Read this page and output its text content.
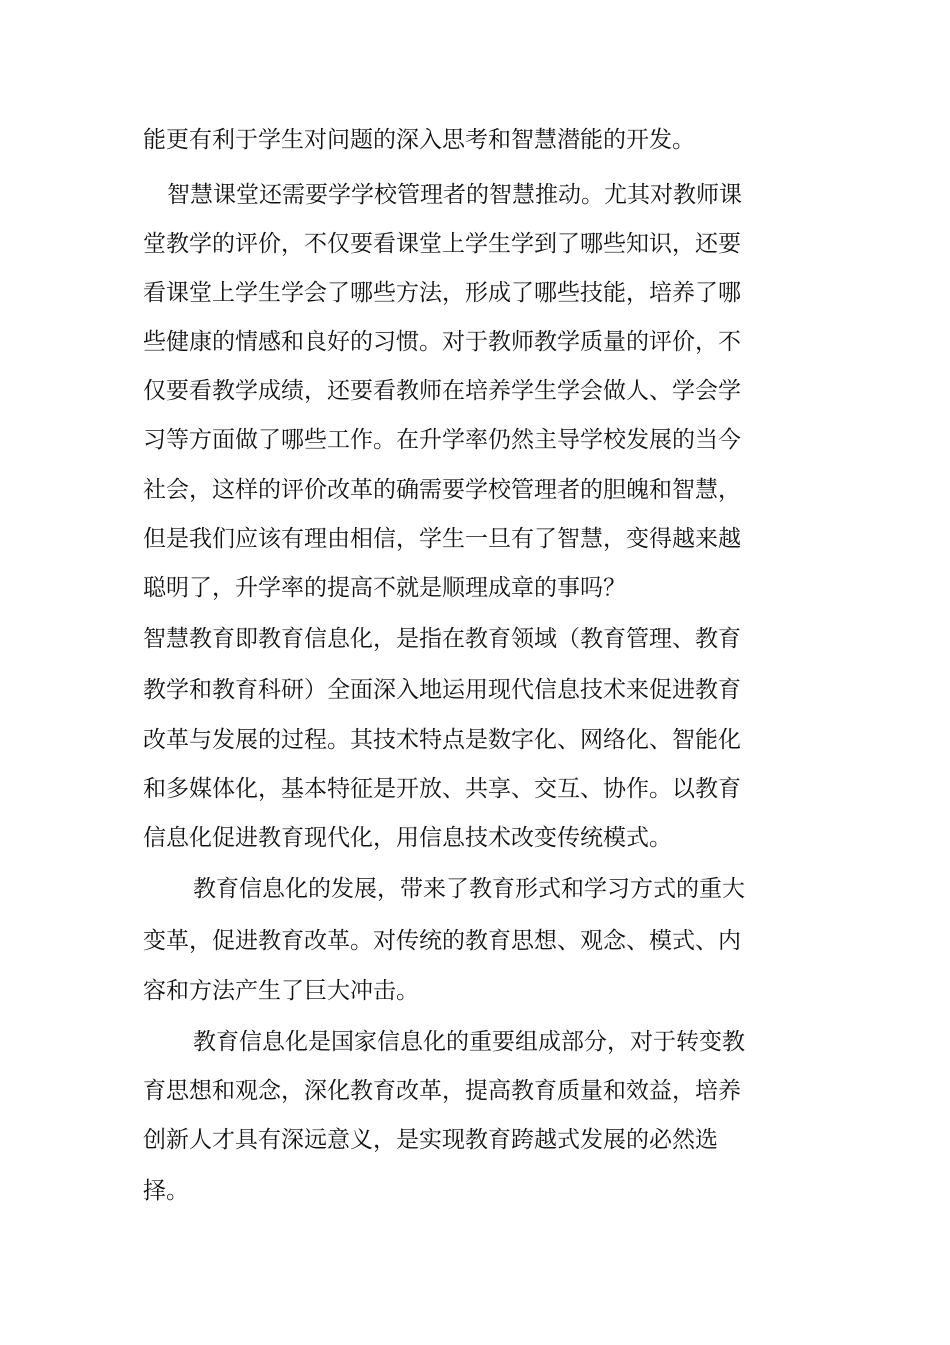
能更有利于学生对问题的深入思考和智慧潜能的开发。

智慧课堂还需要学学校管理者的智慧推动。尤其对教师课

堂教学的评价，不仅要看课堂上学生学到了哪些知识，还要

看课堂上学生学会了哪些方法，形成了哪些技能，培养了哪

些健康的情感和良好的习惯。对于教师教学质量的评价，不

仅要看教学成绩，还要看教师在培养学生学会做人、学会学

习等方面做了哪些工作。在升学率仍然主导学校发展的当今

社会，这样的评价改革的确需要学校管理者的胆魄和智慧，

但是我们应该有理由相信，学生一旦有了智慧，变得越来越

聪明了，升学率的提高不就是顺理成章的事吗？

智慧教育即教育信息化，是指在教育领域（教育管理、教育

教学和教育科研）全面深入地运用现代信息技术来促进教育

改革与发展的过程。其技术特点是数字化、网络化、智能化

和多媒体化，基本特征是开放、共享、交互、协作。以教育

信息化促进教育现代化，用信息技术改变传统模式。

教育信息化的发展，带来了教育形式和学习方式的重大

变革，促进教育改革。对传统的教育思想、观念、模式、内

容和方法产生了巨大冲击。

教育信息化是国家信息化的重要组成部分，对于转变教

育思想和观念，深化教育改革，提高教育质量和效益，培养

创新人才具有深远意义，是实现教育跨越式发展的必然选

择。
